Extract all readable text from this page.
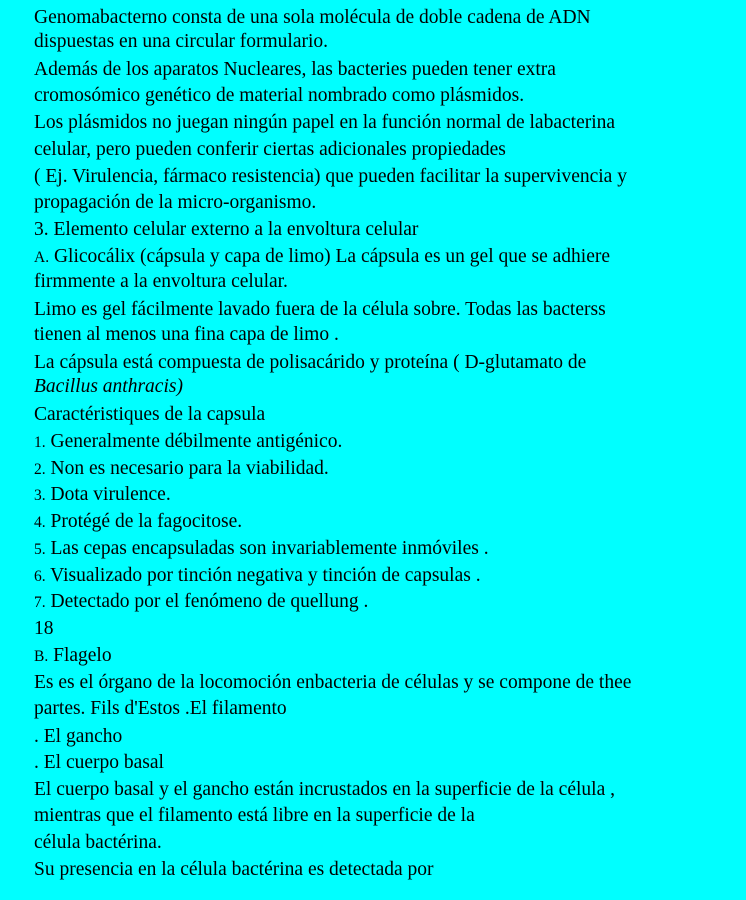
Genomabacterno consta de una sola molécula de doble cadena de ADN
dispuestas en una circular formulario.
Además de los aparatos Nucleares, las bacteries pueden tener extra
cromosómico genético de material nombrado como plásmidos.
Los plásmidos no juegan ningún papel en la función normal de labacterina
celular, pero pueden conferir ciertas adicionales propiedades
( Ej. Virulencia, fármaco resistencia) que pueden facilitar la supervivencia y
propagación de la micro-organismo.
3. Elemento celular externo a la envoltura celular
A. Glicocálix (cápsula y capa de limo) La cápsula es un gel que se adhiere
firmmente a la envoltura celular.
Limo es gel fácilmente lavado fuera de la célula sobre. Todas las bacterss
tienen al menos una fina capa de limo .
La cápsula está compuesta de polisacárido y proteína ( D-glutamato de
Bacillus anthracis)
Caractéristiques de la capsula
1. Generalmente débilmente antigénico.
2. Non es necesario para la viabilidad.
3. Dota virulence.
4. Protégé de la fagocitose.
5. Las cepas encapsuladas son invariablemente inmóviles .
6. Visualizado por tinción negativa y tinción de capsulas .
7. Detectado por el fenómeno de quellung .
18
B. Flagelo
Es es el órgano de la locomoción enbacteria de células y se compone de thee
partes. Fils d'Estos .El filamento
. El gancho
. El cuerpo basal
El cuerpo basal y el gancho están incrustados en la superficie de la célula ,
mientras que el filamento está libre en la superficie de la
célula bactérina.
Su presencia en la célula bactérina es detectada por
